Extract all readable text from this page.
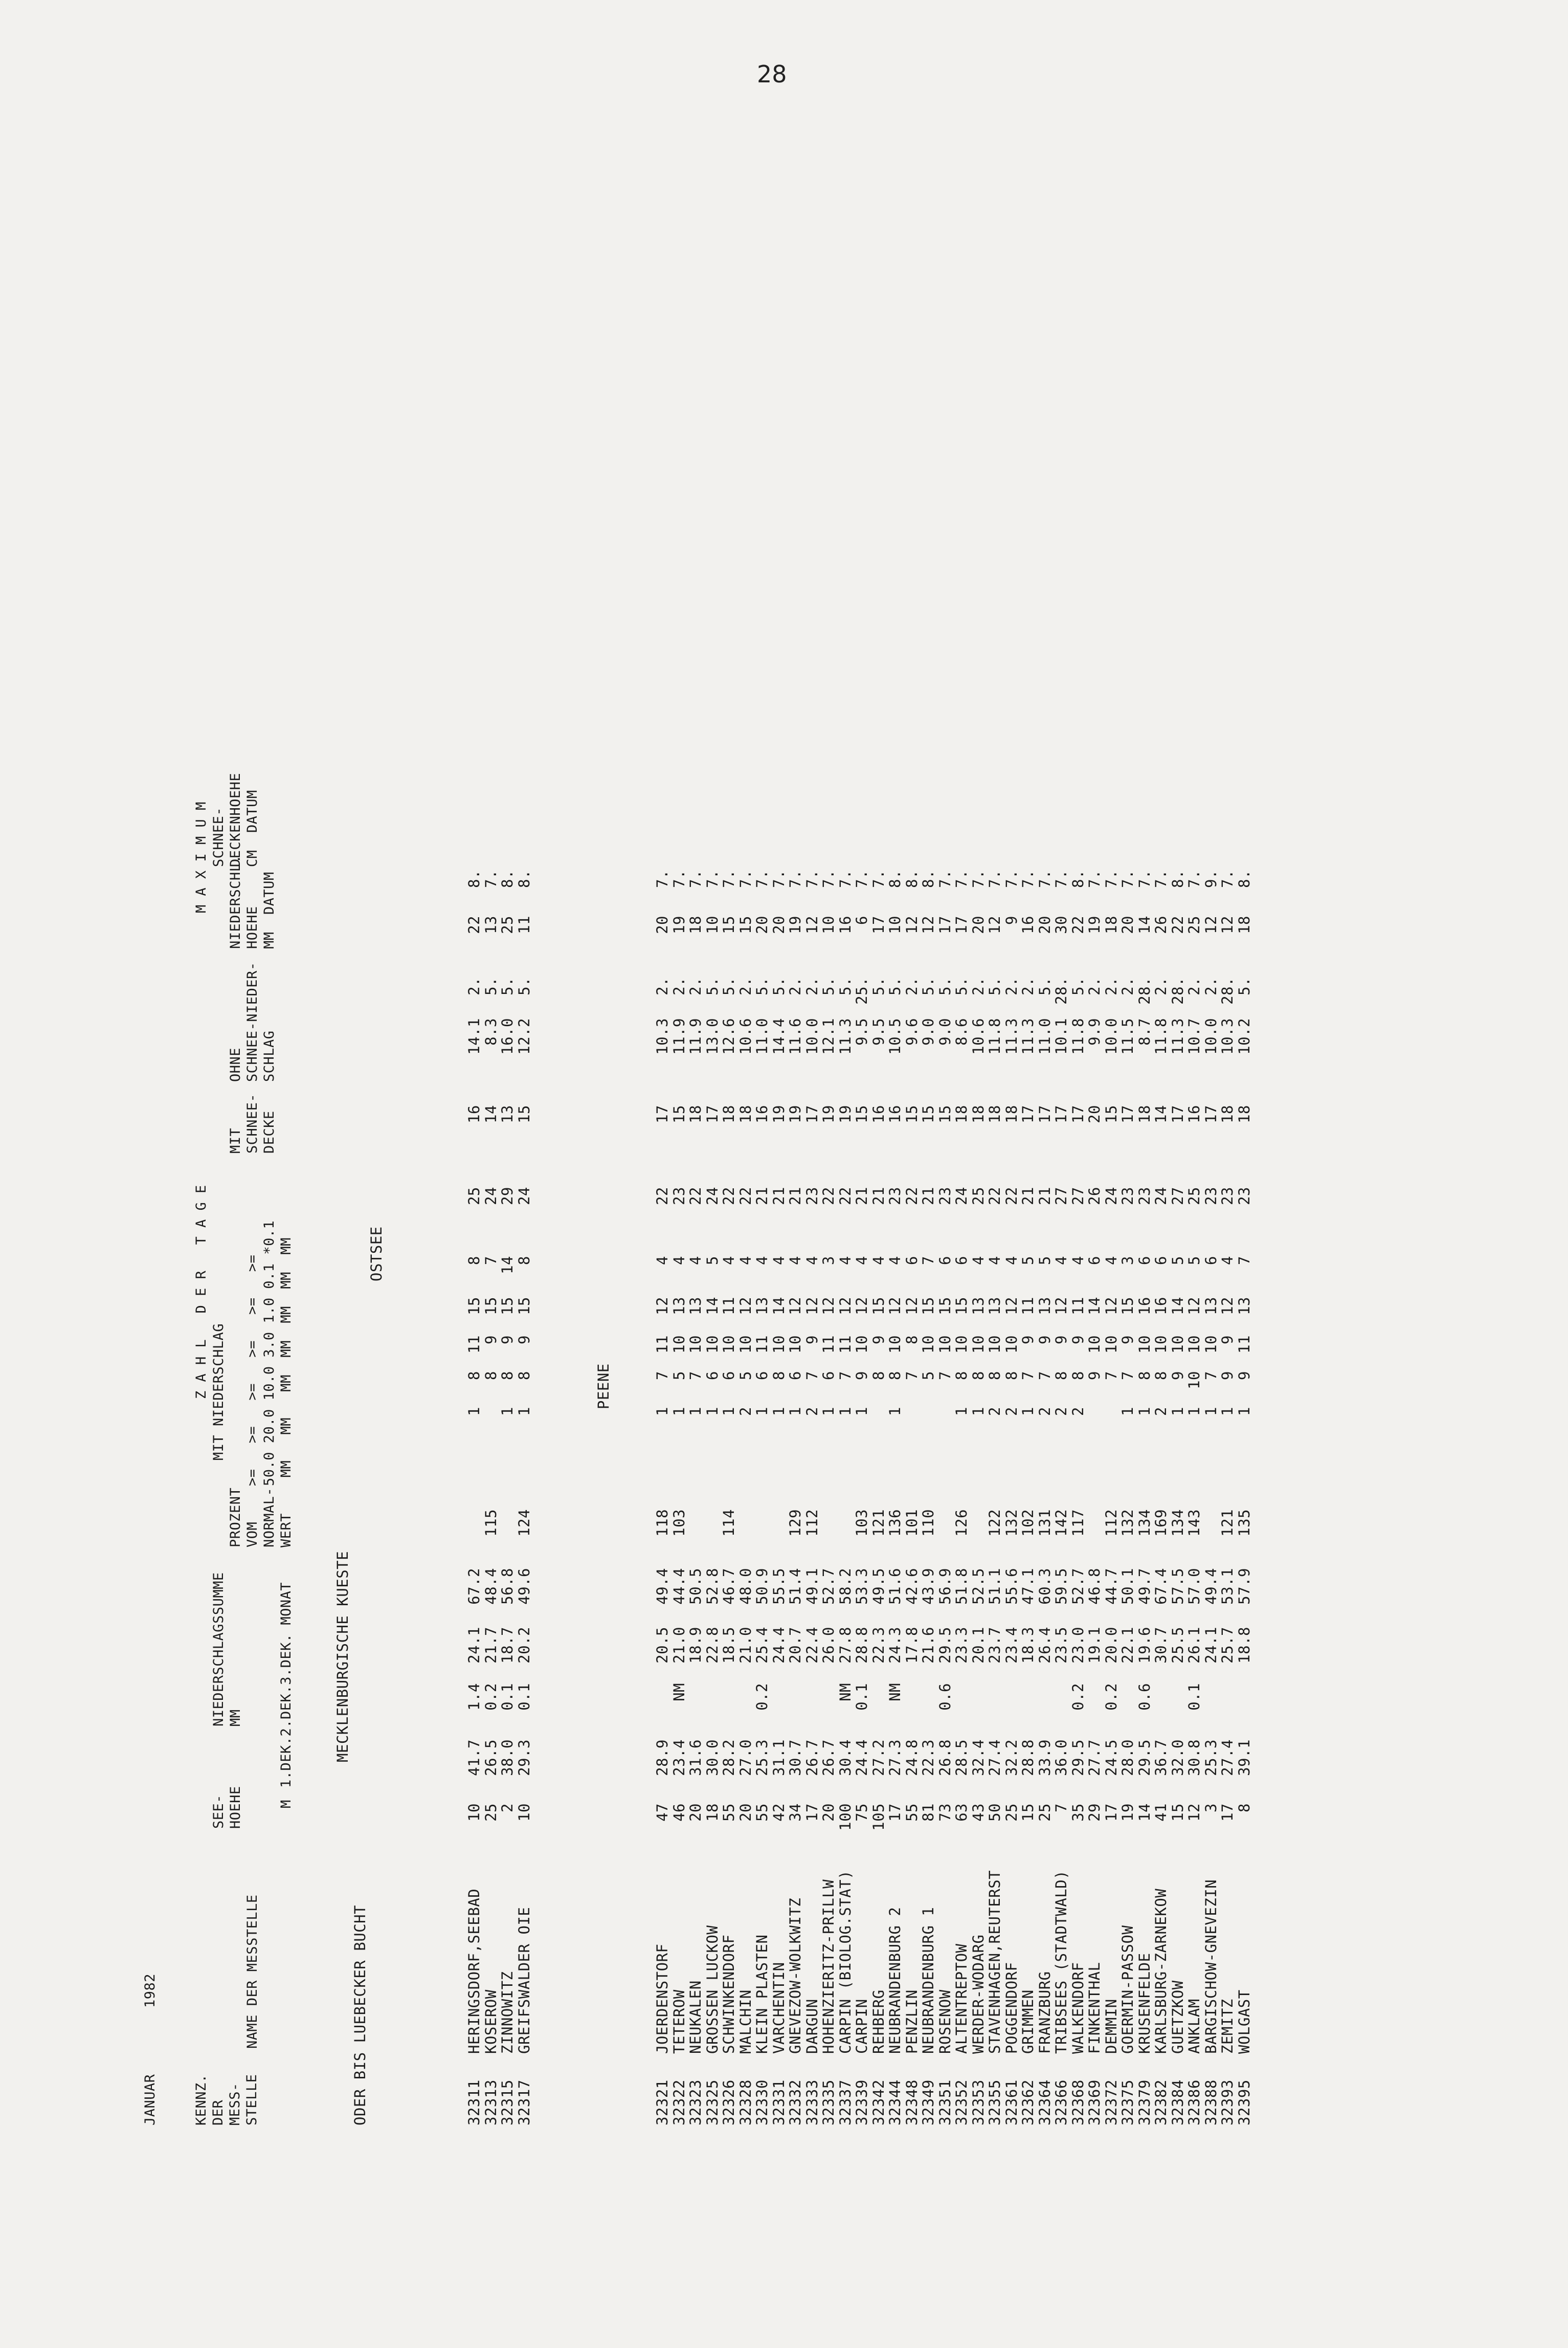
28

JANUAR

1982

KENNZ.
DER
MESS-
STELLE

NAME DER MESSTELLE

SEE-
HOEHE

	M

NIEDERSCHLAGSSUMME
MM

	1.DEK.2.DEK.3.DEK. MONAT

PROZENT
VOM
NORMAL-
WERT

Z A H L   D E R   T A G E

MIT NIEDERSCHLAG

>=   >=   >=   >=   >=   >=
50.0 20.0 10.0 3.0 1.0 0.1 *0.1
MM   MM   MM  MM  MM  MM  MM

MIT
SCHNEE-
DECKE

OHNE
SCHNEE-NIEDER-
SCHLAG

M A X I M U M

NIEDERSCHL.
HOEHE
MM  DATUM

SCHNEE-
DECKENHOEHE
CM  DATUM

ODER BIS LUEBECKER BUCHT

MECKLENBURGISCHE KUESTE

OSTSEE

32311HERINGSDORF,SEEBAD1041.71.424.167.21811158251614.12.228.
32313KOSEROW2526.50.221.748.41158915724148.35.137.
32315ZINNOWITZ238.00.118.756.81891514291316.05.258.
32317GREIFSWALDER OIE1029.30.120.249.6124189158241512.25.118.

PEENE

32321JOERDENSTORF4728.920.549.41181711124221710.32.207.
32322TETEROW4623.4NM21.044.41031510134231511.92.197.
32323NEUKALEN2031.618.950.51710134221811.92.187.
32325GROSSEN LUCKOW1830.022.852.81610145241713.05.107.
32326SCHWINKENDORF5528.218.546.71141610114221812.65.157.
32328MALCHIN2027.021.048.02510124221810.62.157.
32330KLEIN PLASTEN5525.30.225.450.91611134211611.05.207.
32331VARCHENTIN4231.124.455.51810144211914.45.207.
32332GNEVEZOW-WOLKWITZ3430.720.751.41291610124211911.62.197.
32333DARGUN1726.722.449.1112279124231710.02.127.
32335HOHENZIERITZ-PRILLW2026.726.052.71611123221912.15.107.
32337CARPIN (BIOLOG.STAT)10030.4NM27.858.21711124221911.35.167.
32339CARPIN7524.40.128.853.3103191012421159.525.67.
32342REHBERG10527.222.349.51218915421169.55.177.
32344NEUBRANDENBURG 21727.3NM24.351.61361810124231610.55.108.
32348PENZLIN5524.817.842.61017812622159.62.128.
32349NEUBRANDENBURG 18122.321.643.911051015721159.05.128.
32351ROSENOW7326.80.629.556.971015623159.05.177.
32352ALTENTREPTOW6328.523.351.8126181015624188.65.177.
32353WERDER-WODARG4332.420.152.51810134251810.62.207.
32355STAVENHAGEN,REUTERST5027.423.751.11222810134221811.85.127.
32361POGGENDORF2532.223.455.61322810124221811.32.97.
32362GRIMMEN1528.818.347.1102179115211711.32.167.
32364FRANZBURG2533.926.460.3131279135211711.05.207.
32366TRIBSEES (STADTWALD)736.023.559.5142289124271710.128.307.
32368WALKENDORF3529.50.223.052.7117289114271711.85.228.
32369FINKENTHAL2927.719.146.891014626209.92.197.
32372DEMMIN1724.50.220.044.7112710124241510.02.187.
32375GOERMIN-PASSOW1928.022.150.1132179153231711.52.207.
32379KRUSENFELDE1429.50.619.649.7134181016623188.728.147.
32382KARLSBURG-ZARNEKOW4136.730.767.41692810166241411.82.267.
32384GUETZKOW1532.025.557.51341910145271711.328.228.
32386ANKLAM1230.80.126.157.014311010125251610.72.257.
32388BARGISCHOW-GNEVEZIN325.324.149.41710136231710.02.129.
32393ZEMITZ1727.425.753.1121199124231810.328.127.
32395WOLGAST839.118.857.91351911137231810.25.188.
